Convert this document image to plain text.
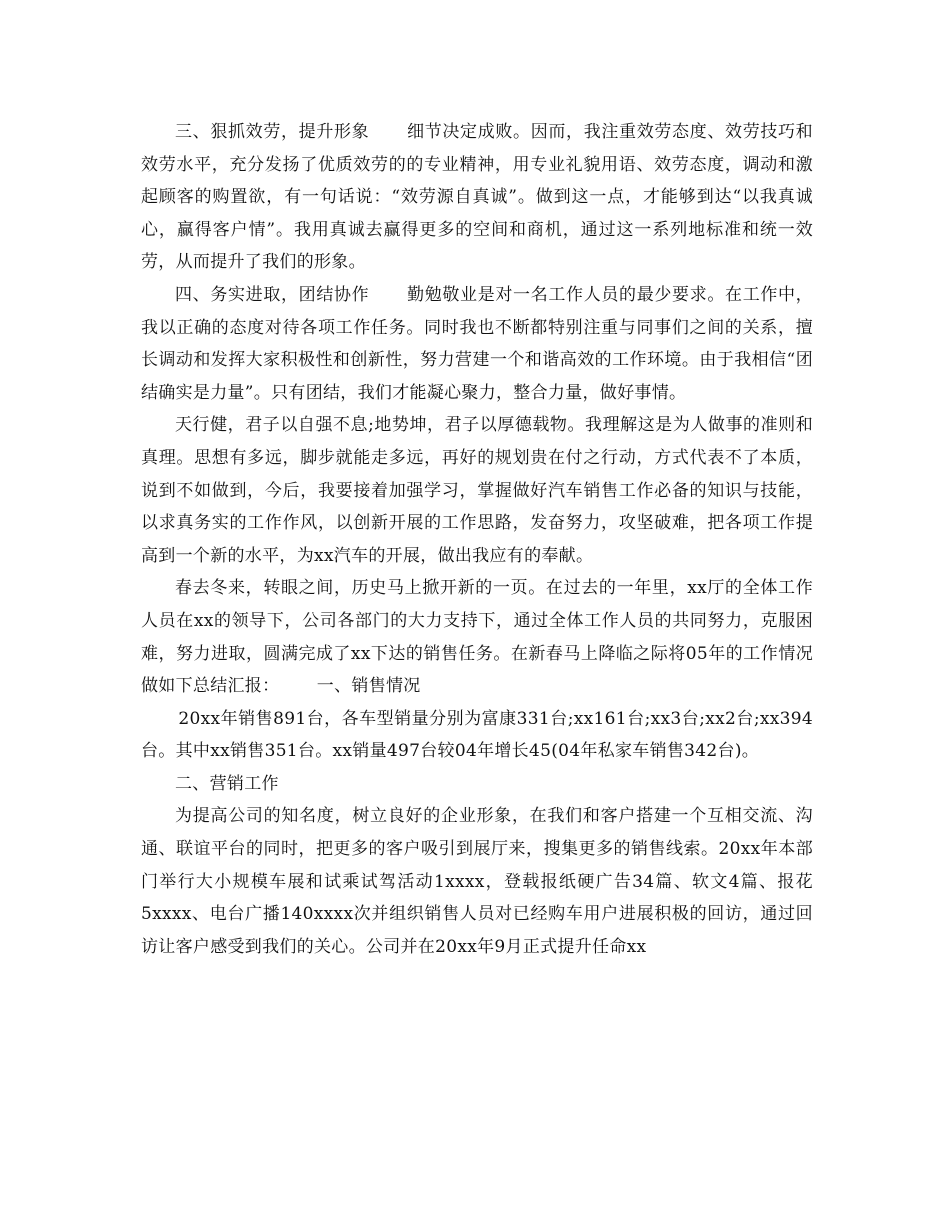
三、狠抓效劳，提升形象 细节决定成败。因而，我注重效劳态度、效劳技巧和效劳水平，充分发扬了优质效劳的的专业精神，用专业礼貌用语、效劳态度，调动和激起顾客的购置欲，有一句话说：“效劳源自真诚”。做到这一点，才能够到达“以我真诚心，赢得客户情”。我用真诚去赢得更多的空间和商机，通过这一系列地标准和统一效劳，从而提升了我们的形象。

四、务实进取，团结协作 勤勉敬业是对一名工作人员的最少要求。在工作中，我以正确的态度对待各项工作任务。同时我也不断都特别注重与同事们之间的关系，擅长调动和发挥大家积极性和创新性，努力营建一个和谐高效的工作环境。由于我相信“团结确实是力量”。只有团结，我们才能凝心聚力，整合力量，做好事情。

天行健，君子以自强不息;地势坤，君子以厚德载物。我理解这是为人做事的准则和真理。思想有多远，脚步就能走多远，再好的规划贵在付之行动，方式代表不了本质，说到不如做到，今后，我要接着加强学习，掌握做好汽车销售工作必备的知识与技能，以求真务实的工作作风，以创新开展的工作思路，发奋努力，攻坚破难，把各项工作提高到一个新的水平，为xx汽车的开展，做出我应有的奉献。

春去冬来，转眼之间，历史马上掀开新的一页。在过去的一年里，xx厅的全体工作人员在xx的领导下，公司各部门的大力支持下，通过全体工作人员的共同努力，克服困难，努力进取，圆满完成了xx下达的销售任务。在新春马上降临之际将05年的工作情况做如下总结汇报： 一、销售情况

20xx年销售891台，各车型销量分别为富康331台;xx161台;xx3台;xx2台;xx394台。其中xx销售351台。xx销量497台较04年增长45(04年私家车销售342台)。

二、营销工作

为提高公司的知名度，树立良好的企业形象，在我们和客户搭建一个互相交流、沟通、联谊平台的同时，把更多的客户吸引到展厅来，搜集更多的销售线索。20xx年本部门举行大小规模车展和试乘试驾活动1xxxx，登载报纸硬广告34篇、软文4篇、报花5xxxx、电台广播140xxxx次并组织销售人员对已经购车用户进展积极的回访，通过回访让客户感受到我们的关心。公司并在20xx年9月正式提升任命xx
